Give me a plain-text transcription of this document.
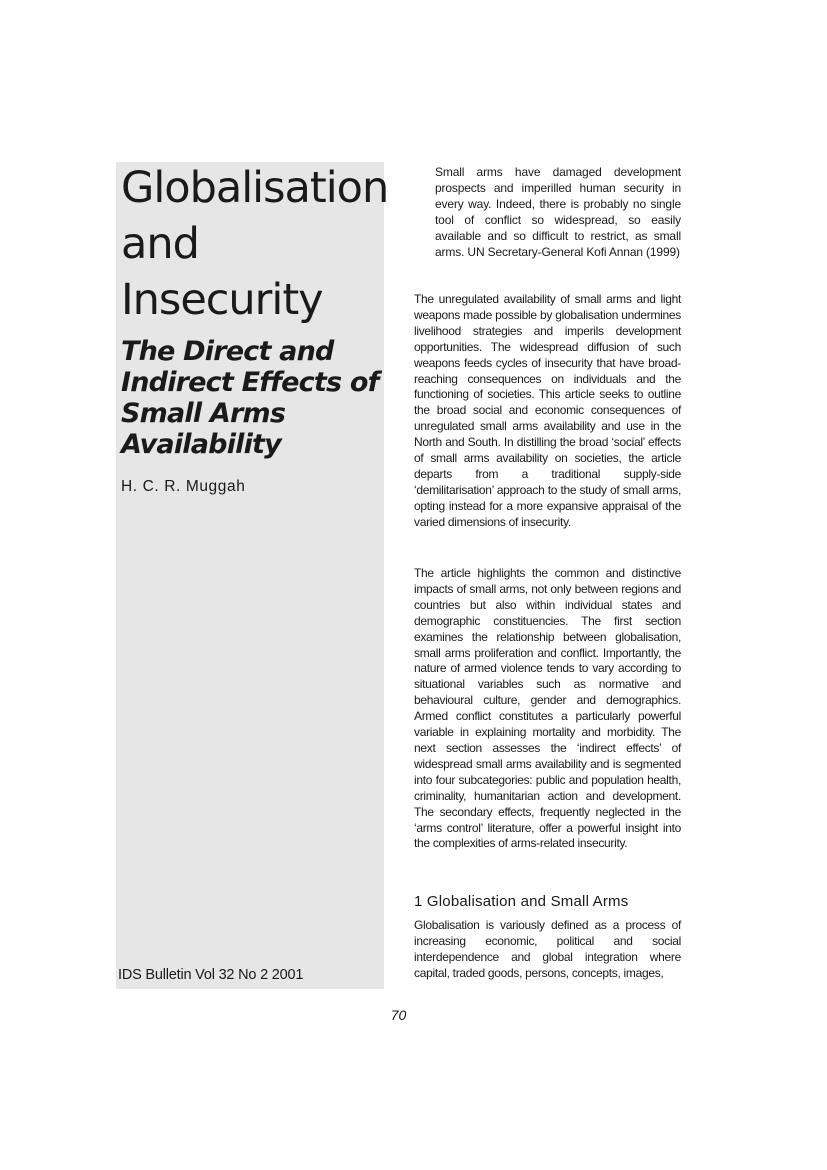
Globalisation and Insecurity
The Direct and Indirect Effects of Small Arms Availability

H. C. R. Muggah

IDS Bulletin Vol 32 No 2 2001

Small arms have damaged development prospects and imperilled human security in every way. Indeed, there is probably no single tool of conflict so widespread, so easily available and so difficult to restrict, as small arms. UN Secretary-General Kofi Annan (1999)

The unregulated availability of small arms and light weapons made possible by globalisation undermines livelihood strategies and imperils development opportunities. The widespread diffusion of such weapons feeds cycles of insecurity that have broad-reaching consequences on individuals and the functioning of societies. This article seeks to outline the broad social and economic consequences of unregulated small arms availability and use in the North and South. In distilling the broad ‘social’ effects of small arms availability on societies, the article departs from a traditional supply-side ‘demilitarisation’ approach to the study of small arms, opting instead for a more expansive appraisal of the varied dimensions of insecurity.

The article highlights the common and distinctive impacts of small arms, not only between regions and countries but also within individual states and demographic constituencies. The first section examines the relationship between globalisation, small arms proliferation and conflict. Importantly, the nature of armed violence tends to vary according to situational variables such as normative and behavioural culture, gender and demographics. Armed conflict constitutes a particularly powerful variable in explaining mortality and morbidity. The next section assesses the ‘indirect effects’ of widespread small arms availability and is segmented into four subcategories: public and population health, criminality, humanitarian action and development. The secondary effects, frequently neglected in the ‘arms control’ literature, offer a powerful insight into the complexities of arms-related insecurity.

1 Globalisation and Small Arms

Globalisation is variously defined as a process of increasing economic, political and social interdependence and global integration where capital, traded goods, persons, concepts, images,

70
